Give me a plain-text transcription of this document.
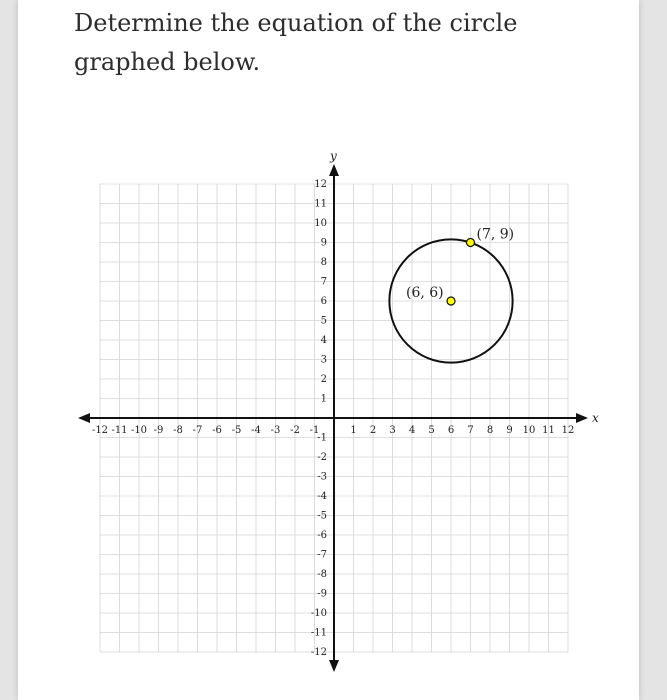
Determine the equation of the circle graphed below.

x
y
-12 -11 -10 -9 -8 -7 -6 -5 -4 -3 -2 -1	1 2 3 4 5 6 7 8 9 10 11 12
12
11
10
9
8
7
6
5
4
3
2
1
-1
-2
-3
-4
-5
-6
-7
-8
-9
-10
-11
-12
(6, 6)
(7, 9)
